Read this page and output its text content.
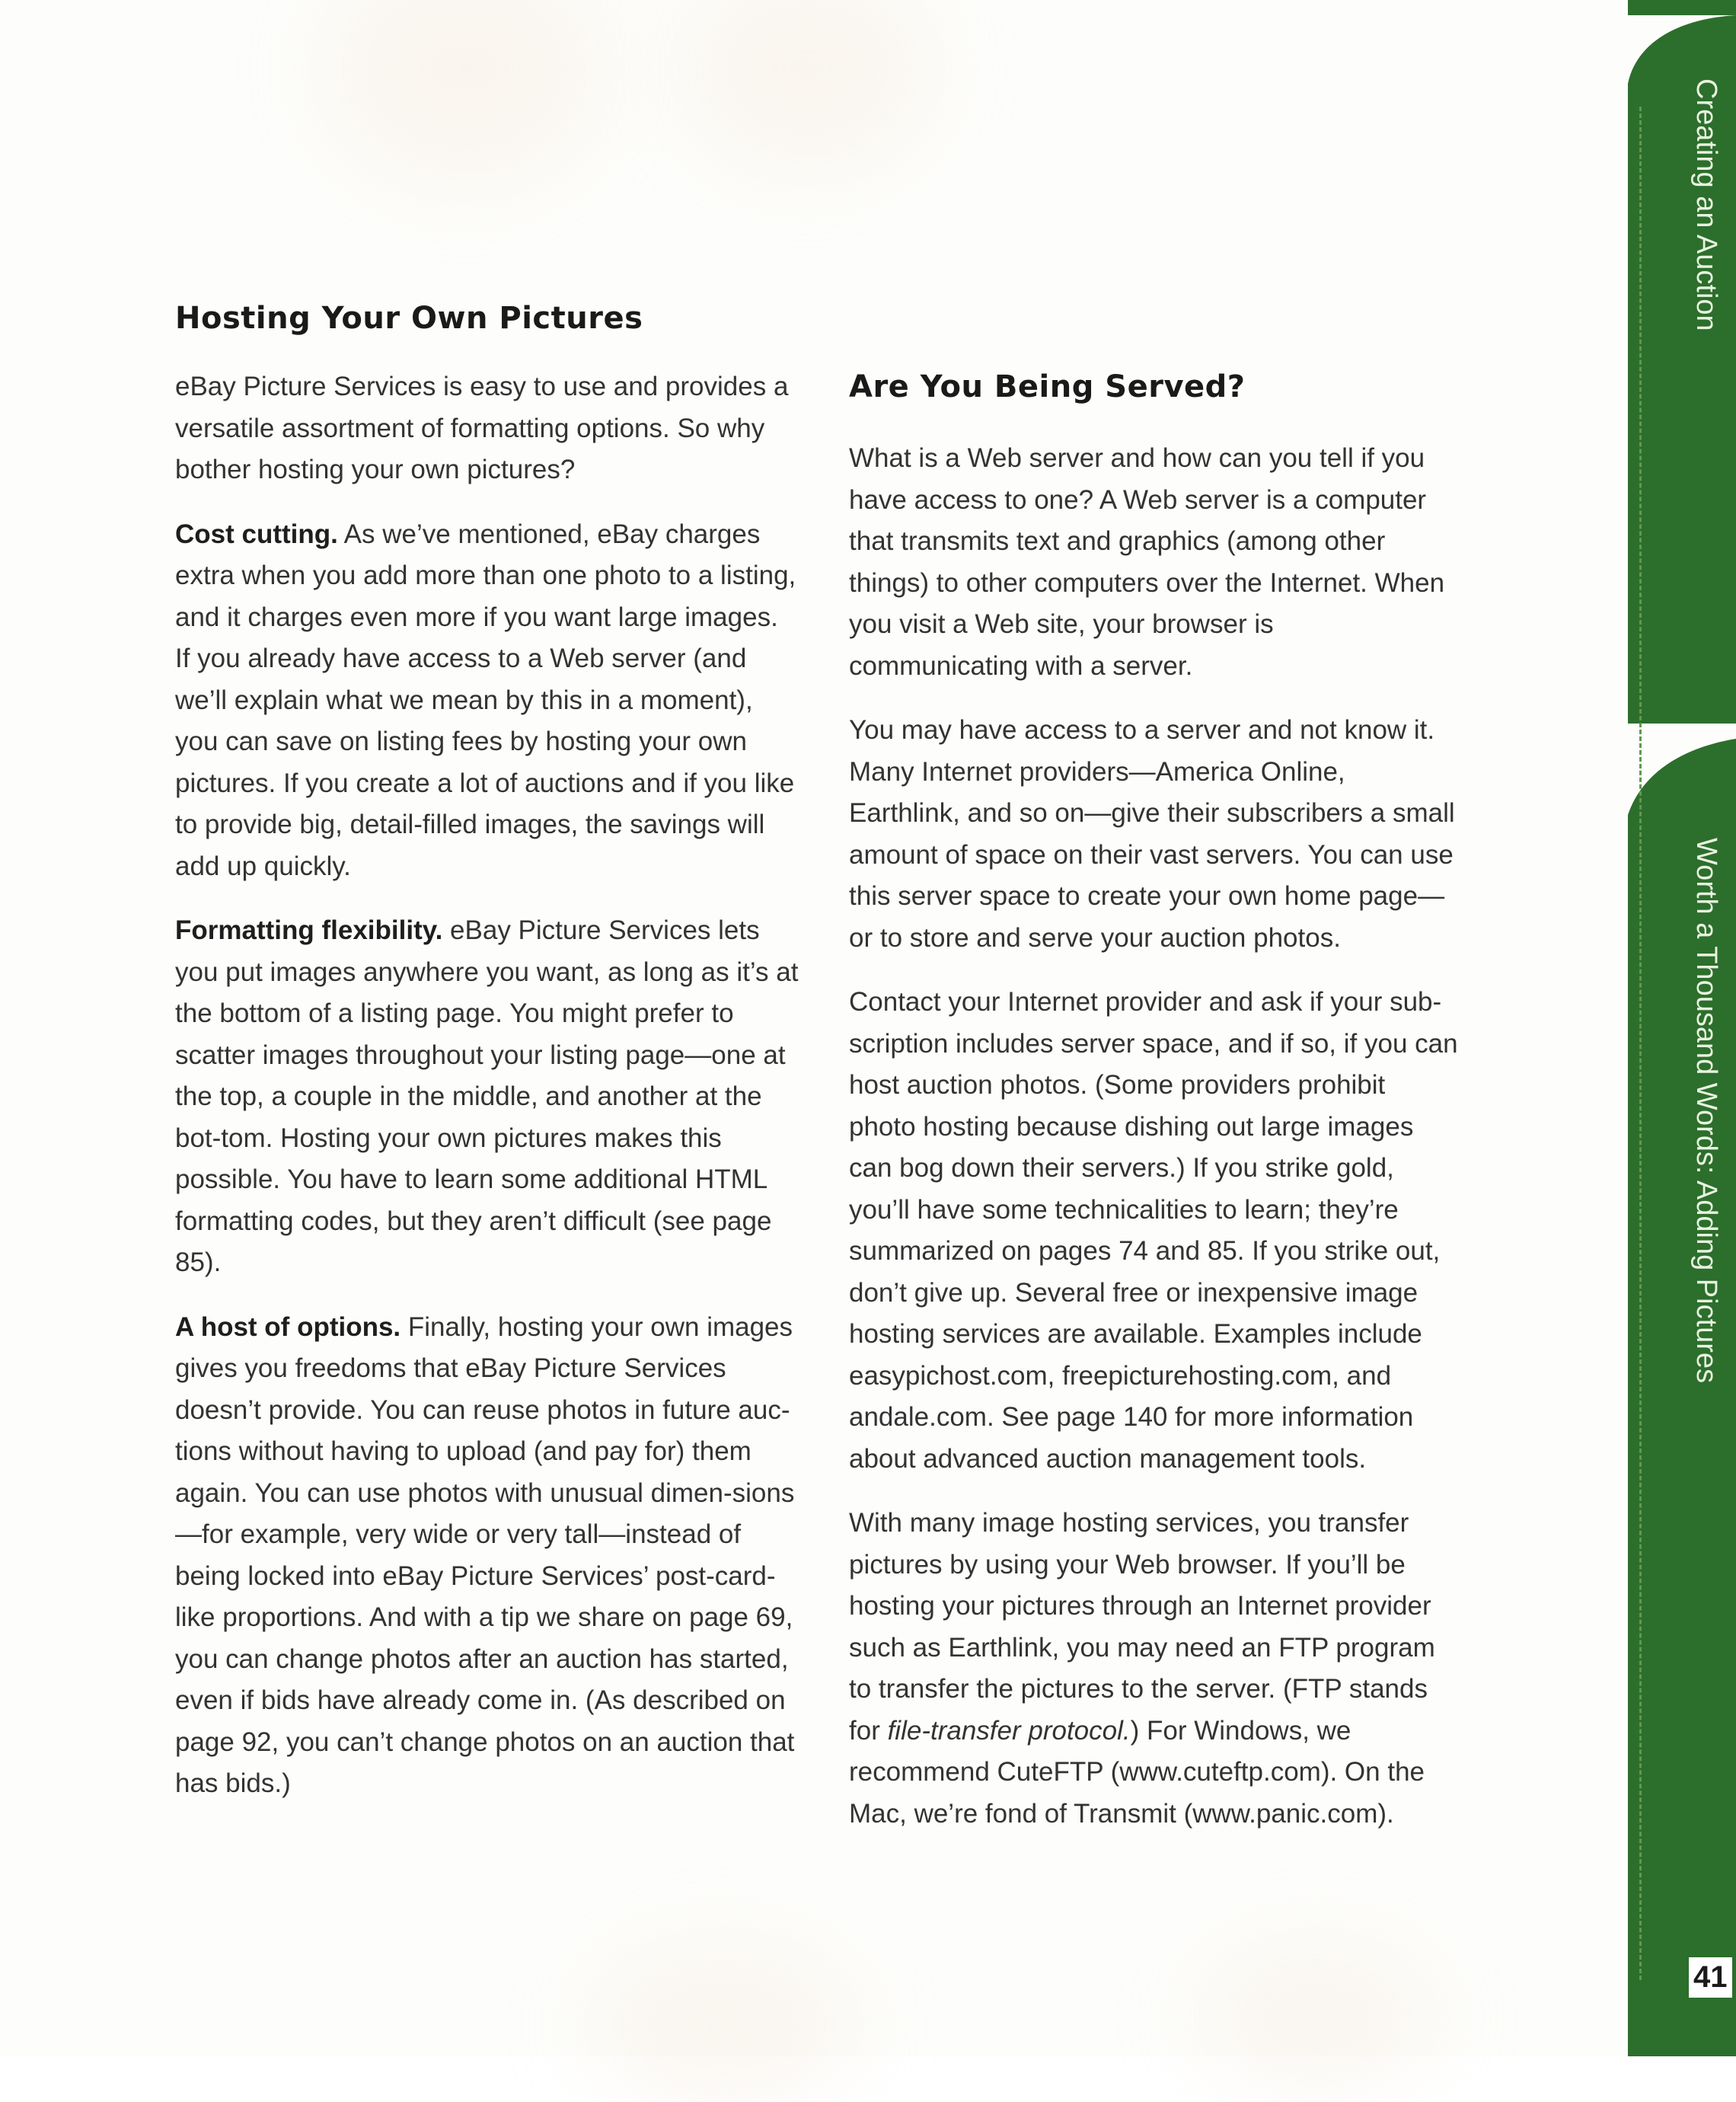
Hosting Your Own Pictures

eBay Picture Services is easy to use and provides a versatile assortment of formatting options. So why bother hosting your own pictures?

Cost cutting. As we’ve mentioned, eBay charges extra when you add more than one photo to a listing, and it charges even more if you want large images. If you already have access to a Web server (and we’ll explain what we mean by this in a moment), you can save on listing fees by hosting your own pictures. If you create a lot of auctions and if you like to provide big, detail-filled images, the savings will add up quickly.

Formatting flexibility. eBay Picture Services lets you put images anywhere you want, as long as it’s at the bottom of a listing page. You might prefer to scatter images throughout your listing page—one at the top, a couple in the middle, and another at the bot-tom. Hosting your own pictures makes this possible. You have to learn some additional HTML formatting codes, but they aren’t difficult (see page 85).

A host of options. Finally, hosting your own images gives you freedoms that eBay Picture Services doesn’t provide. You can reuse photos in future auc-tions without having to upload (and pay for) them again. You can use photos with unusual dimen-sions—for example, very wide or very tall—instead of being locked into eBay Picture Services’ post-card-like proportions. And with a tip we share on page 69, you can change photos after an auction has started, even if bids have already come in. (As described on page 92, you can’t change photos on an auction that has bids.)

Are You Being Served?

What is a Web server and how can you tell if you have access to one? A Web server is a computer that transmits text and graphics (among other things) to other computers over the Internet. When you visit a Web site, your browser is communicating with a server.

You may have access to a server and not know it. Many Internet providers—America Online, Earthlink, and so on—give their subscribers a small amount of space on their vast servers. You can use this server space to create your own home page—or to store and serve your auction photos.

Contact your Internet provider and ask if your sub-scription includes server space, and if so, if you can host auction photos. (Some providers prohibit photo hosting because dishing out large images can bog down their servers.) If you strike gold, you’ll have some technicalities to learn; they’re summarized on pages 74 and 85. If you strike out, don’t give up. Several free or inexpensive image hosting services are available. Examples include easypichost.com, freepicturehosting.com, and andale.com. See page 140 for more information about advanced auction management tools.

With many image hosting services, you transfer pictures by using your Web browser. If you’ll be hosting your pictures through an Internet provider such as Earthlink, you may need an FTP program to transfer the pictures to the server. (FTP stands for file-transfer protocol.) For Windows, we recommend CuteFTP (www.cuteftp.com). On the Mac, we’re fond of Transmit (www.panic.com).

Creating an Auction
Worth a Thousand Words: Adding Pictures
41
